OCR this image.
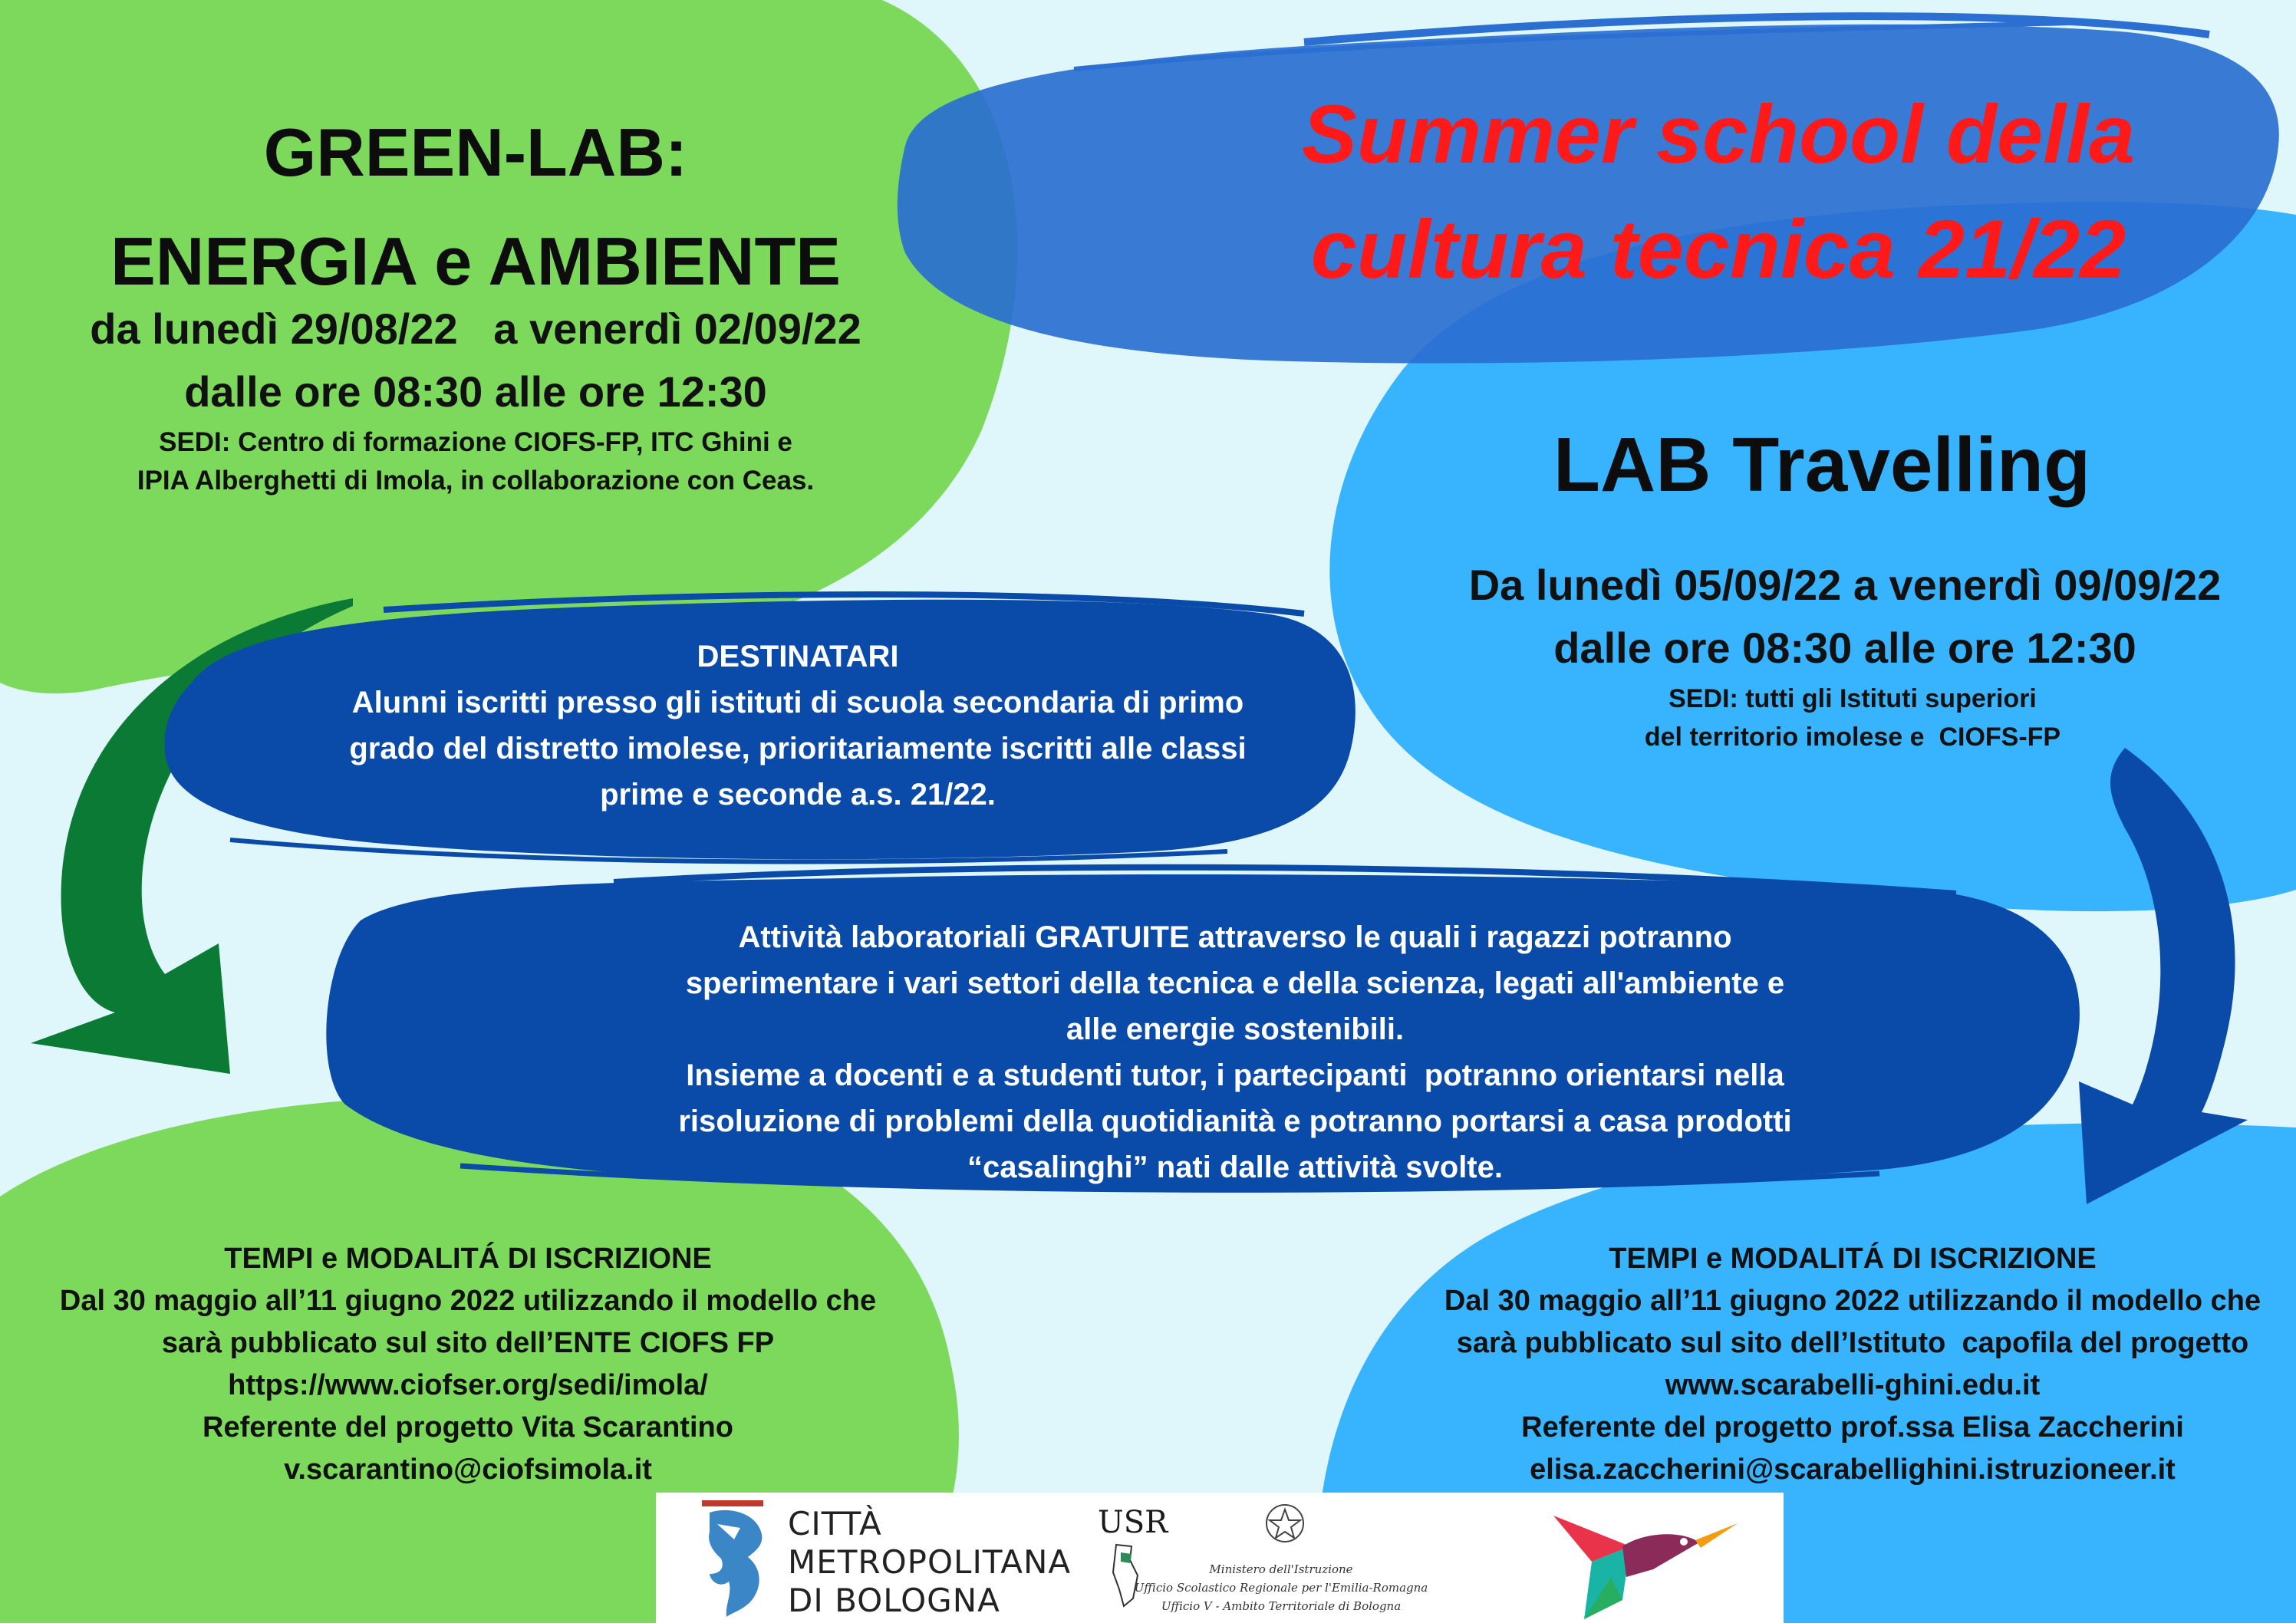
GREEN-LAB:
ENERGIA e AMBIENTE
da lunedì 29/08/22   a venerdì 02/09/22
dalle ore 08:30 alle ore 12:30
SEDI: Centro di formazione CIOFS-FP, ITC Ghini e
IPIA Alberghetti di Imola, in collaborazione con Ceas.
Summer school della
cultura tecnica 21/22
LAB Travelling
Da lunedì 05/09/22 a venerdì 09/09/22
dalle ore 08:30 alle ore 12:30
SEDI: tutti gli Istituti superiori
del territorio imolese e  CIOFS-FP
DESTINATARI
Alunni iscritti presso gli istituti di scuola secondaria di primo
grado del distretto imolese, prioritariamente iscritti alle classi
prime e seconde a.s. 21/22.
Attività laboratoriali GRATUITE attraverso le quali i ragazzi potranno
sperimentare i vari settori della tecnica e della scienza, legati all'ambiente e
alle energie sostenibili.
Insieme a docenti e a studenti tutor, i partecipanti  potranno orientarsi nella
risoluzione di problemi della quotidianità e potranno portarsi a casa prodotti
“casalinghi” nati dalle attività svolte.
TEMPI e MODALITÁ DI ISCRIZIONE
Dal 30 maggio all’11 giugno 2022 utilizzando il modello che
sarà pubblicato sul sito dell’ENTE CIOFS FP
https://www.ciofser.org/sedi/imola/
Referente del progetto Vita Scarantino
v.scarantino@ciofsimola.it
TEMPI e MODALITÁ DI ISCRIZIONE
Dal 30 maggio all’11 giugno 2022 utilizzando il modello che
sarà pubblicato sul sito dell’Istituto  capofila del progetto
www.scarabelli-ghini.edu.it
Referente del progetto prof.ssa Elisa Zaccherini
elisa.zaccherini@scarabellighini.istruzioneer.it
CITTÀ
METROPOLITANA
DI BOLOGNA
USR
Ministero dell'Istruzione
Ufficio Scolastico Regionale per l'Emilia-Romagna
Ufficio V - Ambito Territoriale di Bologna
